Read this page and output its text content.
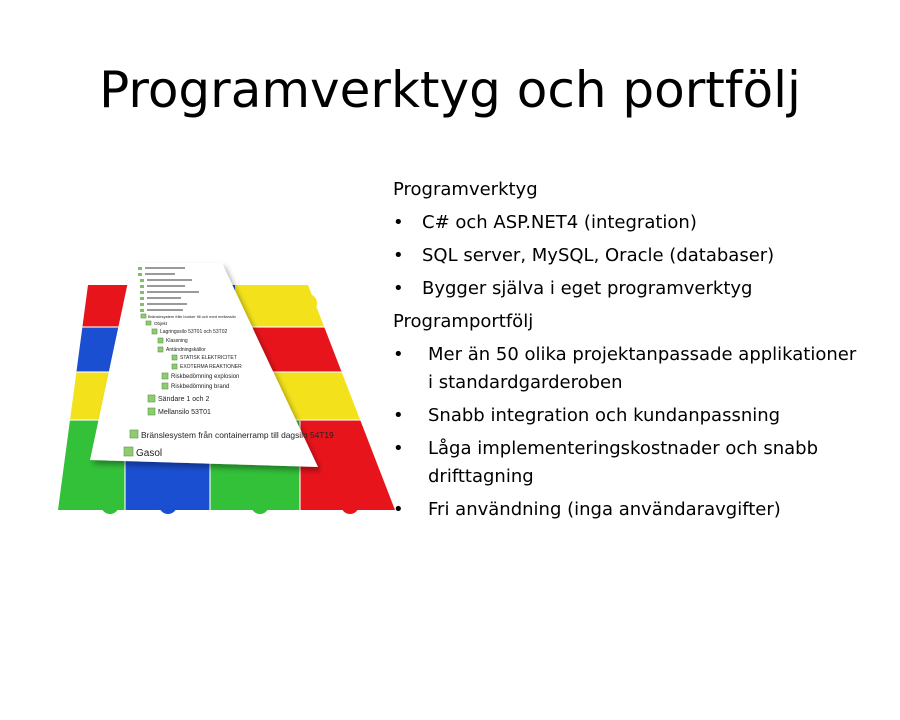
Programverktyg och portfölj
Bränslesystem från bunker till och med mellansilo
Objekt
Lagringssilo 53T01 och 53T02
Klassning
Antändningskällor
STATISK ELEKTRICITET
EXOTERMA REAKTIONER
Riskbedömning explosion
Riskbedömning brand
Sändare 1 och 2
Mellansilo 53T01
Bränslesystem från containerramp till dagsilo 54T19
Gasol

Programverktyg

• C# och ASP.NET4 (integration)
• SQL server, MySQL, Oracle (databaser)
• Bygger själva i eget programverktyg

Programportfölj

• Mer än 50 olika projektanpassade applikationer i standardgarderoben
• Snabb integration och kundanpassning
• Låga implementeringskostnader och snabb drifttagning
• Fri användning (inga användaravgifter)
